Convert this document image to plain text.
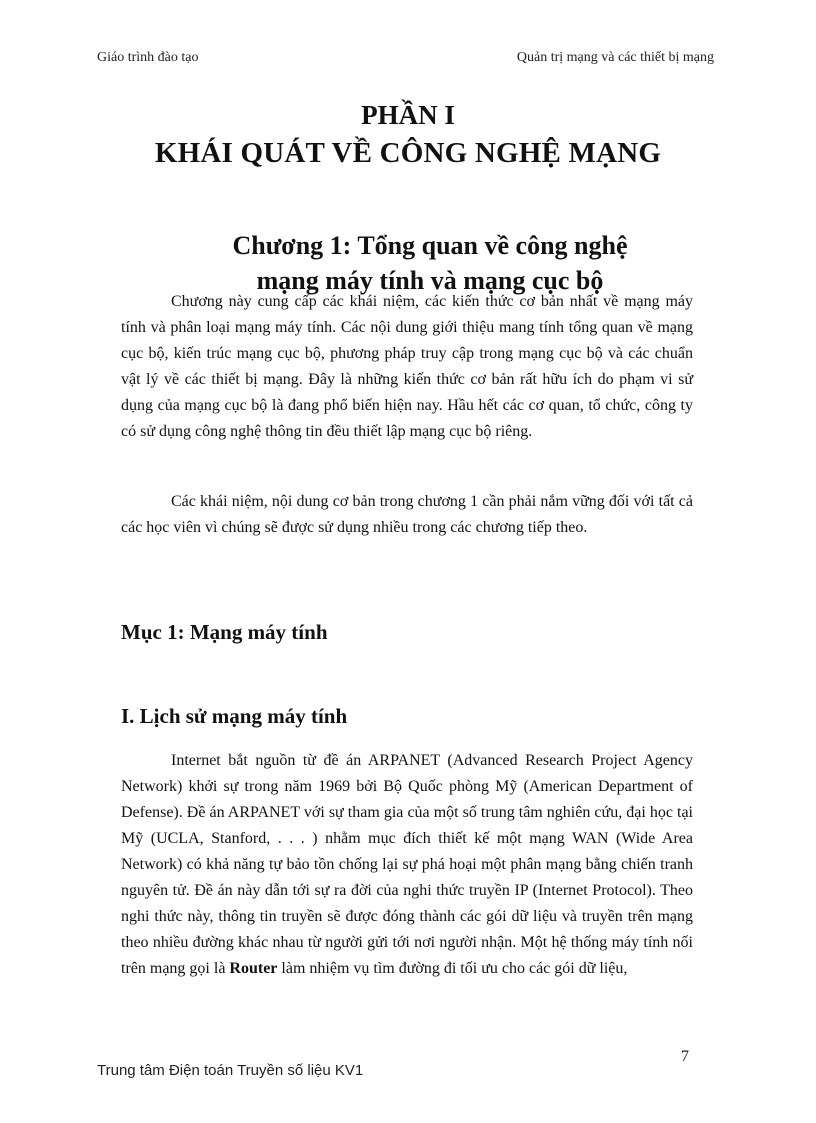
Giáo trình đào tạo	Quản trị mạng và các thiết bị mạng
PHẦN I
KHÁI QUÁT VỀ CÔNG NGHỆ MẠNG
Chương 1: Tổng quan về công nghệ
mạng máy tính và mạng cục bộ

Chương này cung cấp các khái niệm, các kiến thức cơ bản nhất về mạng máy tính và phân loại mạng máy tính. Các nội dung giới thiệu mang tính tổng quan về mạng cục bộ, kiến trúc mạng cục bộ, phương pháp truy cập trong mạng cục bộ và các chuẩn vật lý về các thiết bị mạng. Đây là những kiến thức cơ bản rất hữu ích do phạm vi sử dụng của mạng cục bộ là đang phổ biến hiện nay. Hầu hết các cơ quan, tổ chức, công ty có sử dụng công nghệ thông tin đều thiết lập mạng cục bộ riêng.

Các khái niệm, nội dung cơ bản trong chương 1 cần phải nắm vững đối với tất cả các học viên vì chúng sẽ được sử dụng nhiều trong các chương tiếp theo.

Mục 1: Mạng máy tính
I. Lịch sử mạng máy tính

Internet bắt nguồn từ đề án ARPANET (Advanced Research Project Agency Network) khởi sự trong năm 1969 bởi Bộ Quốc phòng Mỹ (American Department of Defense). Đề án ARPANET với sự tham gia của một số trung tâm nghiên cứu, đại học tại Mỹ (UCLA, Stanford, . . . ) nhằm mục đích thiết kế một mạng WAN (Wide Area Network) có khả năng tự bảo tồn chống lại sự phá hoại một phân mạng bằng chiến tranh nguyên tử. Đề án này dẫn tới sự ra đời của nghi thức truyền IP (Internet Protocol). Theo nghi thức này, thông tin truyền sẽ được đóng thành các gói dữ liệu và truyền trên mạng theo nhiều đường khác nhau từ người gửi tới nơi người nhận. Một hệ thống máy tính nối trên mạng gọi là Router làm nhiệm vụ tìm đường đi tối ưu cho các gói dữ liệu,

7
Trung tâm Điện toán Truyền số liệu KV1
